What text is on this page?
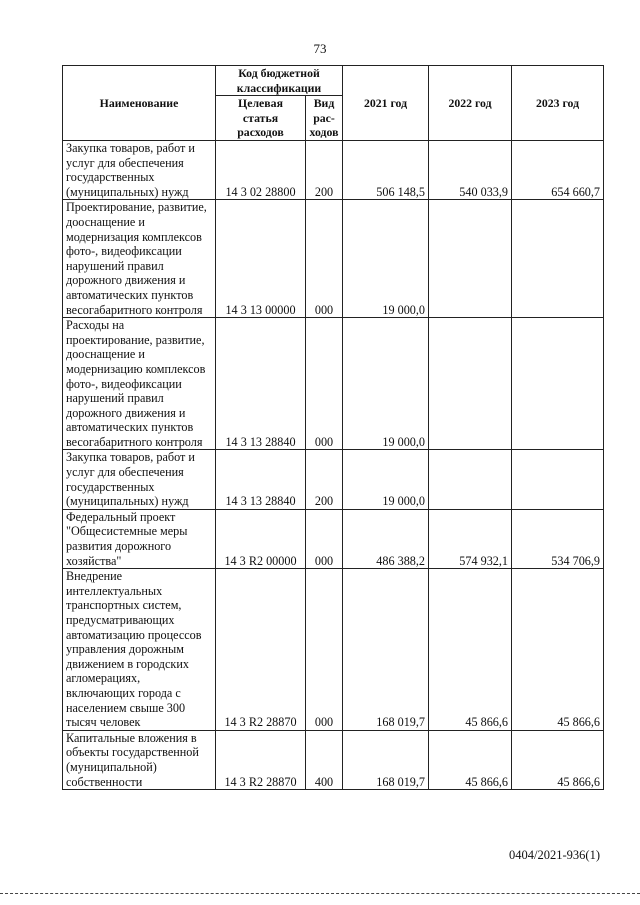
73
Наименование	Код бюджетной классификации		2021 год	2022 год	2023 год
	Целевая статья расходов	Вид рас-ходов			
Закупка товаров, работ и услуг для обеспечения государственных (муниципальных) нужд	14 3 02 28800	200	506 148,5	540 033,9	654 660,7
Проектирование, развитие, дооснащение и модернизация комплексов фото-, видеофиксации нарушений правил дорожного движения и автоматических пунктов весогабаритного контроля	14 3 13 00000	000	19 000,0		
Расходы на проектирование, развитие, дооснащение и модернизацию комплексов фото-, видеофиксации нарушений правил дорожного движения и автоматических пунктов весогабаритного контроля	14 3 13 28840	000	19 000,0		
Закупка товаров, работ и услуг для обеспечения государственных (муниципальных) нужд	14 3 13 28840	200	19 000,0		
Федеральный проект "Общесистемные меры развития дорожного хозяйства"	14 3 R2 00000	000	486 388,2	574 932,1	534 706,9
Внедрение интеллектуальных транспортных систем, предусматривающих автоматизацию процессов управления дорожным движением в городских агломерациях, включающих города с населением свыше 300 тысяч человек	14 3 R2 28870	000	168 019,7	45 866,6	45 866,6
Капитальные вложения в объекты государственной (муниципальной) собственности	14 3 R2 28870	400	168 019,7	45 866,6	45 866,6
0404/2021-936(1)
